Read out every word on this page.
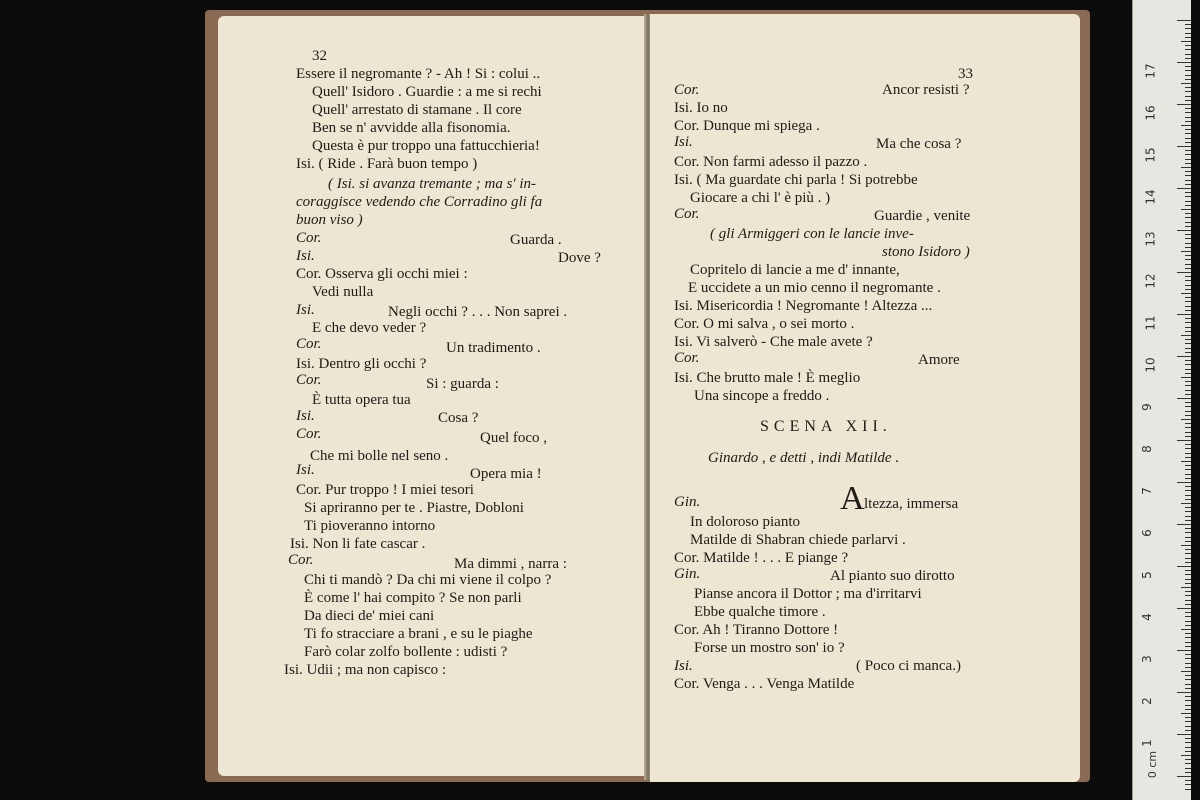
32
Essere il negromante ? - Ah ! Si : colui ..
Quell' Isidoro . Guardie : a me si rechi
Quell' arrestato di stamane . Il core
Ben se n' avvidde alla fisonomia.
Questa è pur troppo una fattucchieria!
Isi. ( Ride . Farà buon tempo )
( Isi. si avanza tremante ; ma s' in-
coraggisce vedendo che Corradino gli fa
buon viso )
Cor.	Guarda .
Isi.	Dove ?
Cor. Osserva gli occhi miei :
Vedi nulla
Isi.	Negli occhi ? . . . Non saprei .
E che devo veder ?
Cor.	Un tradimento .
Isi. Dentro gli occhi ?
Cor.	Si : guarda :
È tutta opera tua
Isi.	Cosa ?
Cor.	Quel foco ,
Che mi bolle nel seno .
Isi.	Opera mia !
Cor. Pur troppo ! I miei tesori
Si apriranno per te . Piastre, Dobloni
Ti pioveranno intorno
Isi. Non li fate cascar .
Cor.	Ma dimmi , narra :
Chi ti mandò ? Da chi mi viene il colpo ?
È come l' hai compito ? Se non parli
Da dieci de' miei cani
Ti fo stracciare a brani , e su le piaghe
Farò colar zolfo bollente : udisti ?
Isi. Udii ; ma non capisco :
33
Cor.	Ancor resisti ?
Isi. Io no
Cor. Dunque mi spiega .
Isi.	Ma che cosa ?
Cor. Non farmi adesso il pazzo .
Isi. ( Ma guardate chi parla ! Si potrebbe
Giocare a chi l' è più . )
Cor.	Guardie , venite
( gli Armiggeri con le lancie inve-
stono Isidoro )
Copritelo di lancie a me d' innante,
E uccidete a un mio cenno il negromante .
Isi. Misericordia ! Negromante ! Altezza ...
Cor. O mi salva , o sei morto .
Isi. Vi salverò - Che male avete ?
Cor.	Amore
Isi. Che brutto male ! È meglio
Una sincope a freddo .
SCENA XII.
Ginardo , e detti , indi Matilde .
Gin.	A ltezza, immersa
In doloroso pianto
Matilde di Shabran chiede parlarvi .
Cor. Matilde ! . . . E piange ?
Gin.	Al pianto suo dirotto
Pianse ancora il Dottor ; ma d'irritarvi
Ebbe qualche timore .
Cor. Ah ! Tiranno Dottore !
Forse un mostro son' io ?
Isi.	( Poco ci manca.)
Cor. Venga . . . Venga Matilde
0 cm
1
2
3
4
5
6
7
8
9
10
11
12
13
14
15
16
17
